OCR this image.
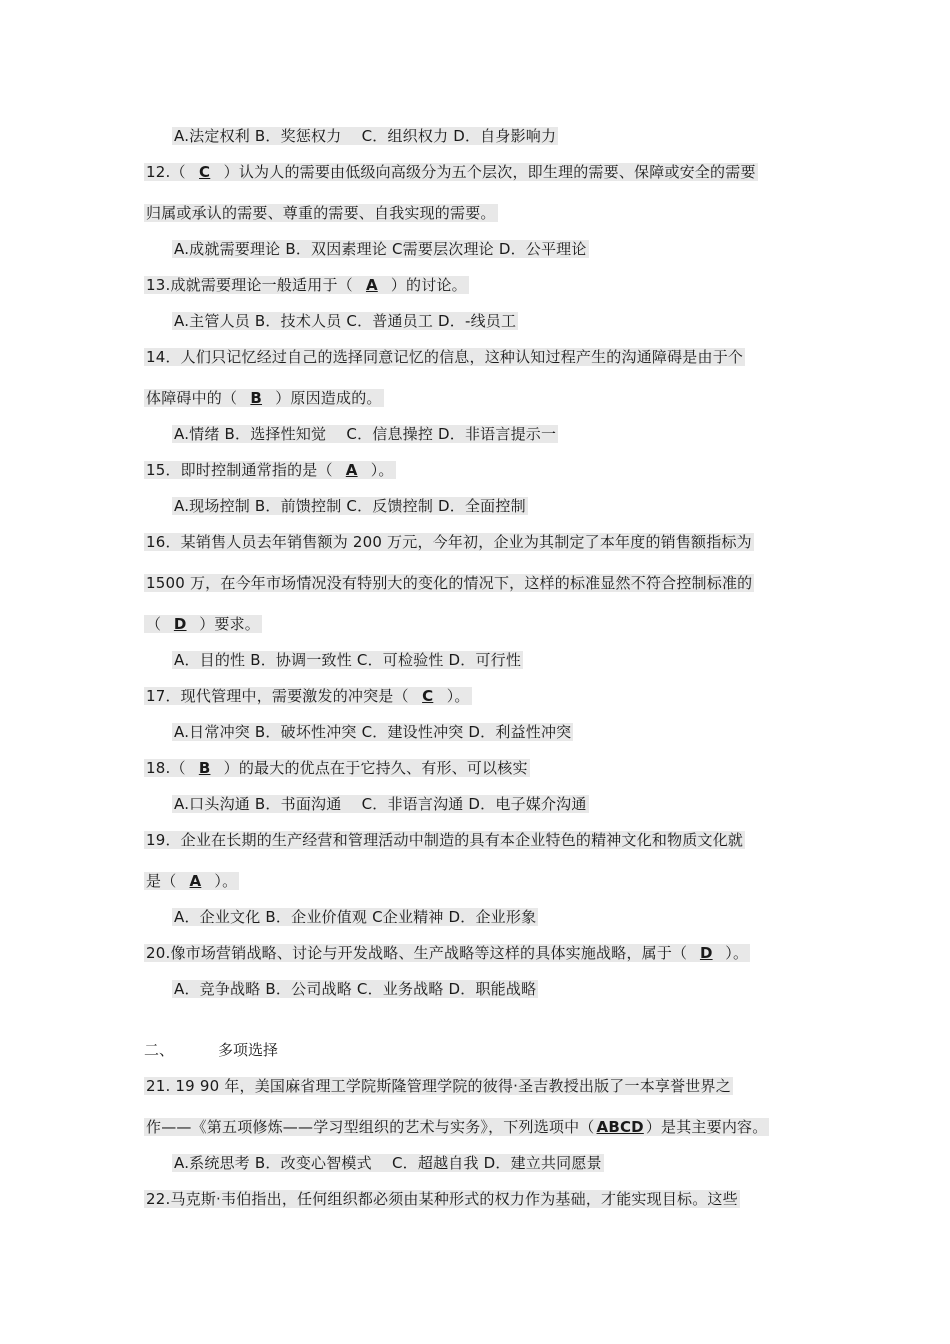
A.法定权利 B．奖惩权力　 C．组织权力 D．自身影响力
12.（ C ）认为人的需要由低级向高级分为五个层次，即生理的需要、保障或安全的需要
归属或承认的需要、尊重的需要、自我实现的需要。
A.成就需要理论 B．双因素理论 C需要层次理论 D．公平理论
13.成就需要理论一般适用于（ A ）的讨论。
A.主管人员 B．技术人员 C．普通员工 D．-线员工
14．人们只记忆经过自己的选择同意记忆的信息，这种认知过程产生的沟通障碍是由于个
体障碍中的（ B ）原因造成的。
A.情绪 B．选择性知觉　 C．信息操控 D．非语言提示一
15．即时控制通常指的是（ A ）。
A.现场控制 B．前馈控制 C．反馈控制 D．全面控制
16．某销售人员去年销售额为 200 万元，今年初，企业为其制定了本年度的销售额指标为
1500 万，在今年市场情况没有特别大的变化的情况下，这样的标准显然不符合控制标准的
（ D ）要求。
A．目的性 B．协调一致性 C．可检验性 D．可行性
17．现代管理中，需要激发的冲突是（ C ）。
A.日常冲突 B．破坏性冲突 C．建设性冲突 D．利益性冲突
18.（ B ）的最大的优点在于它持久、有形、可以核实
A.口头沟通 B．书面沟通　 C．非语言沟通 D．电子媒介沟通
19．企业在长期的生产经营和管理活动中制造的具有本企业特色的精神文化和物质文化就
是（ A ）。
A．企业文化 B．企业价值观 C企业精神 D．企业形象
20.像市场营销战略、讨论与开发战略、生产战略等这样的具体实施战略，属于（ D ）。
A．竞争战略 B．公司战略 C．业务战略 D．职能战略
二、	多项选择
21. 19 90 年，美国麻省理工学院斯隆管理学院的彼得·圣吉教授出版了一本享誉世界之
作——《第五项修炼——学习型组织的艺术与实务》，下列选项中（ ABCD ）是其主要内容。
A.系统思考 B．改变心智模式　 C．超越自我 D．建立共同愿景
22.马克斯·韦伯指出，任何组织都必须由某种形式的权力作为基础，才能实现目标。这些
